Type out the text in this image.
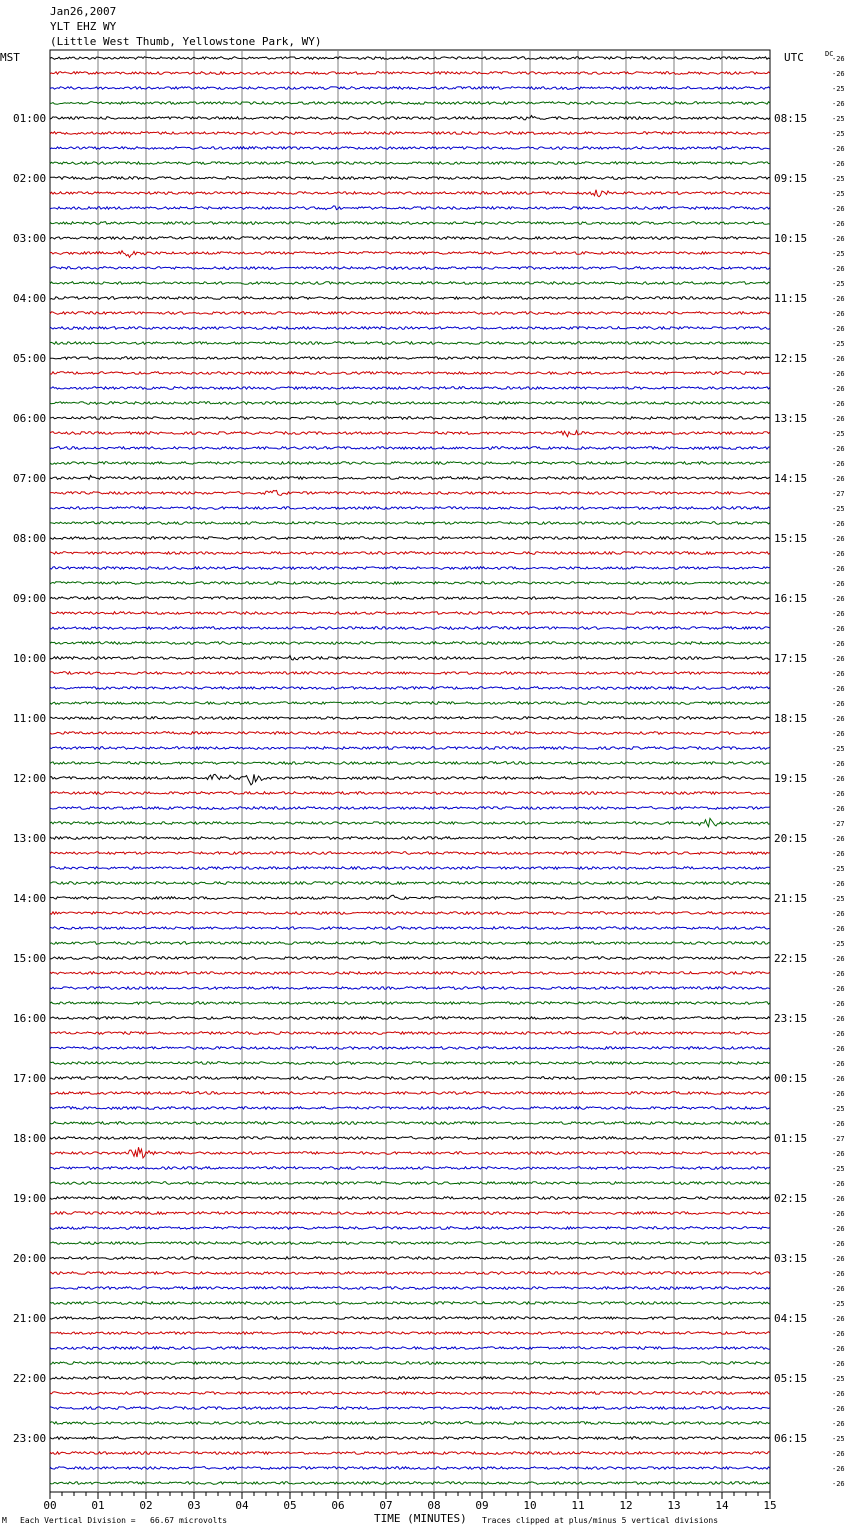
Jan26,2007
YLT EHZ WY
(Little West Thumb, Yellowstone Park, WY)
-26
-26
-25
-26
-25
-25
-26
-26
-25
-25
-26
-26
-26
-25
-26
-25
-26
-26
-26
-25
-26
-26
-26
-26
-26
-25
-26
-26
-26
-27
-25
-26
-26
-26
-26
-26
-26
-26
-26
-26
-26
-26
-26
-26
-26
-26
-25
-26
-26
-26
-26
-27
-26
-26
-25
-26
-25
-26
-26
-25
-26
-26
-26
-26
-26
-26
-26
-26
-26
-26
-25
-26
-27
-26
-25
-26
-26
-26
-26
-26
-26
-26
-26
-25
-26
-26
-26
-26
-25
-26
-26
-26
-25
-26
-26
-26
DC
MST	UTC
01:00
02:00
03:00
04:00
05:00
06:00
07:00
08:00
09:00
10:00
11:00
12:00
13:00
14:00
15:00
16:00
17:00
18:00
19:00
20:00
21:00
22:00
23:00
08:15
09:15
10:15
11:15
12:15
13:15
14:15
15:15
16:15
17:15
18:15
19:15
20:15
21:15
22:15
23:15
00:15
01:15
02:15
03:15
04:15
05:15
06:15
00	01	02	03	04	05	06	07	08	09	10	11	12	13	14	15
M Each Vertical Division =   66.67 microvolts	TIME (MINUTES) Traces clipped at plus/minus 5 vertical divisions
